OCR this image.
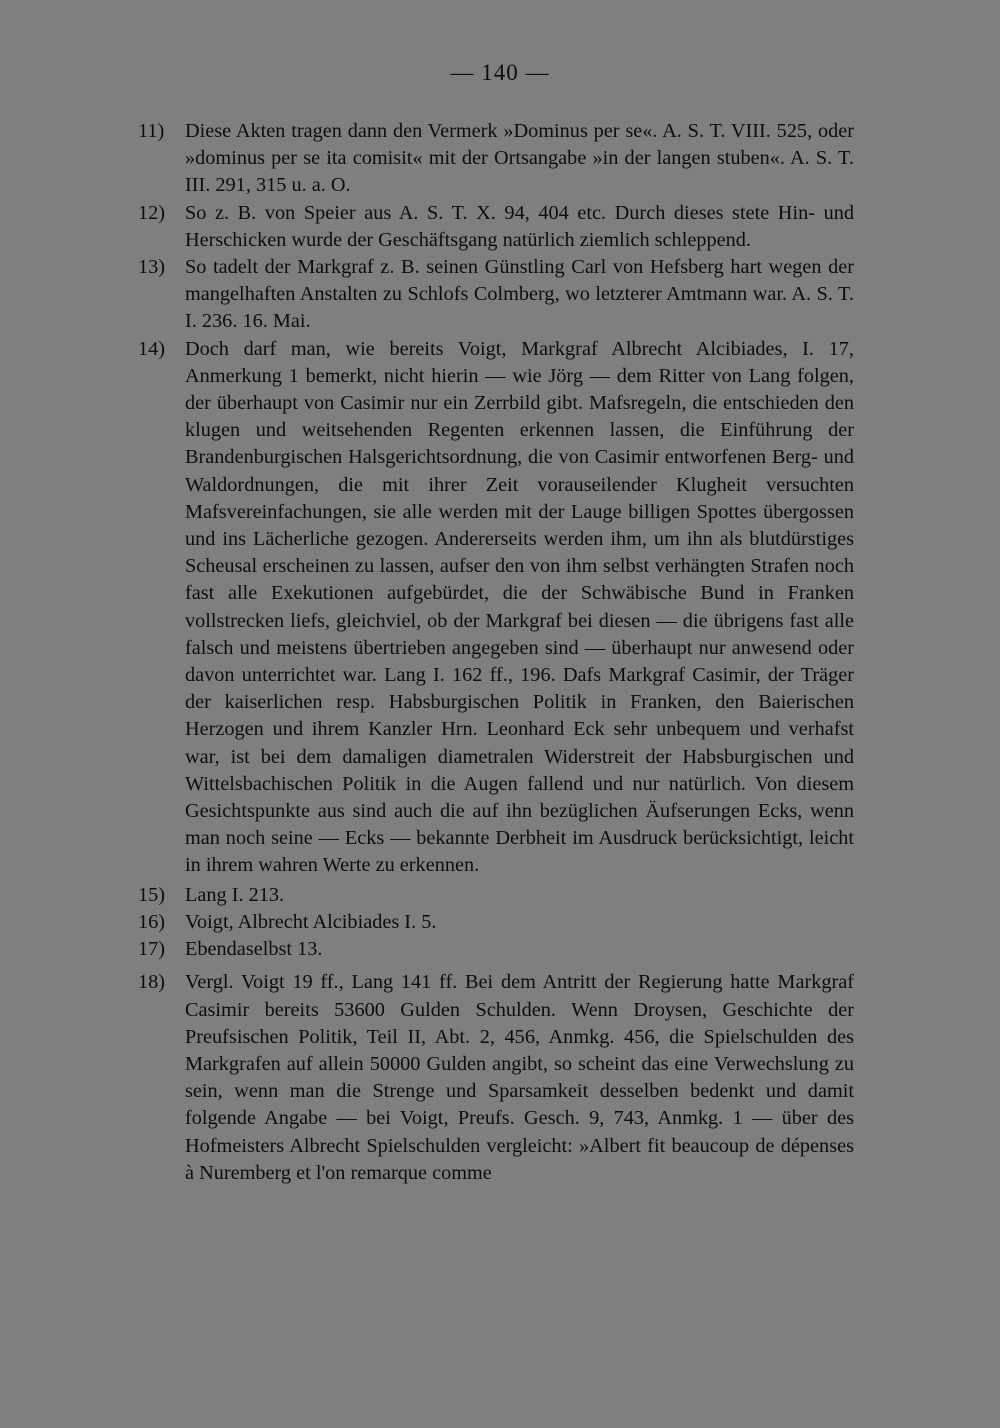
— 140 —
11)	Diese Akten tragen dann den Vermerk »Dominus per se«. A. S. T. VIII. 525, oder »dominus per se ita comisit« mit der Ortsangabe »in der langen stuben«. A. S. T. III. 291, 315 u. a. O.
12) So z. B. von Speier aus A. S. T. X. 94, 404 etc. Durch dieses stete Hin- und Herschicken wurde der Geschäftsgang natürlich ziemlich schleppend.
13) So tadelt der Markgraf z. B. seinen Günstling Carl von Hefsberg hart wegen der mangelhaften Anstalten zu Schlofs Colmberg, wo letzterer Amtmann war. A. S. T. I. 236. 16. Mai.
14) Doch darf man, wie bereits Voigt, Markgraf Albrecht Alcibiades, I. 17, Anmerkung 1 bemerkt, nicht hierin — wie Jörg — dem Ritter von Lang folgen, der überhaupt von Casimir nur ein Zerrbild gibt. Mafsregeln, die entschieden den klugen und weitsehenden Regenten erkennen lassen, die Einführung der Brandenburgischen Halsgerichtsordnung, die von Casimir entworfenen Berg- und Waldordnungen, die mit ihrer Zeit vorauseilender Klugheit versuchten Mafsvereinfachungen, sie alle werden mit der Lauge billigen Spottes übergossen und ins Lächerliche gezogen. Andererseits werden ihm, um ihn als blutdürstiges Scheusal erscheinen zu lassen, aufser den von ihm selbst verhängten Strafen noch fast alle Exekutionen aufgebürdet, die der Schwäbische Bund in Franken vollstrecken liefs, gleichviel, ob der Markgraf bei diesen — die übrigens fast alle falsch und meistens übertrieben angegeben sind — überhaupt nur anwesend oder davon unterrichtet war. Lang I. 162 ff., 196. Dafs Markgraf Casimir, der Träger der kaiserlichen resp. Habsburgischen Politik in Franken, den Baierischen Herzogen und ihrem Kanzler Hrn. Leonhard Eck sehr unbequem und verhafst war, ist bei dem damaligen diametralen Widerstreit der Habsburgischen und Wittelsbachischen Politik in die Augen fallend und nur natürlich. Von diesem Gesichtspunkte aus sind auch die auf ihn bezüglichen Äufserungen Ecks, wenn man noch seine — Ecks — bekannte Derbheit im Ausdruck berücksichtigt, leicht in ihrem wahren Werte zu erkennen.
15) Lang I. 213.
16) Voigt, Albrecht Alcibiades I. 5.
17) Ebendaselbst 13.
18) Vergl. Voigt 19 ff., Lang 141 ff. Bei dem Antritt der Regierung hatte Markgraf Casimir bereits 53600 Gulden Schulden. Wenn Droysen, Geschichte der Preufsischen Politik, Teil II, Abt. 2, 456, Anmkg. 456, die Spielschulden des Markgrafen auf allein 50000 Gulden angibt, so scheint das eine Verwechslung zu sein, wenn man die Strenge und Sparsamkeit desselben bedenkt und damit folgende Angabe — bei Voigt, Preufs. Gesch. 9, 743, Anmkg. 1 — über des Hofmeisters Albrecht Spielschulden vergleicht: »Albert fit beaucoup de dépenses à Nuremberg et l'on remarque comme
